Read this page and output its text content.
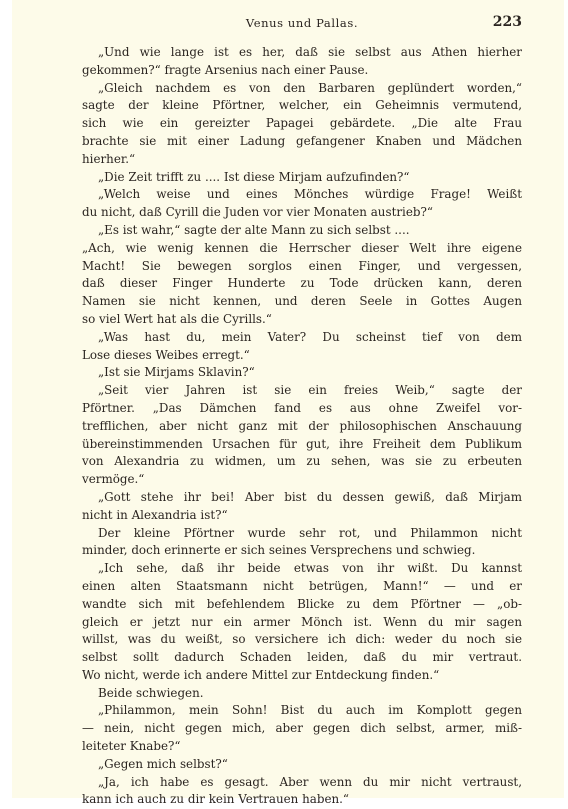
Venus und Pallas.	223
„Und wie lange ist es her, daß sie selbst aus Athen hierher
gekommen?“ fragte Arsenius nach einer Pause.
„Gleich nachdem es von den Barbaren geplündert worden,“
sagte der kleine Pförtner, welcher, ein Geheimnis vermutend,
sich wie ein gereizter Papagei gebärdete. „Die alte Frau
brachte sie mit einer Ladung gefangener Knaben und Mädchen
hierher.“
„Die Zeit trifft zu .... Ist diese Mirjam aufzufinden?“
„Welch weise und eines Mönches würdige Frage! Weißt
du nicht, daß Cyrill die Juden vor vier Monaten austrieb?“
„Es ist wahr,“ sagte der alte Mann zu sich selbst ....
„Ach, wie wenig kennen die Herrscher dieser Welt ihre eigene
Macht! Sie bewegen sorglos einen Finger, und vergessen,
daß dieser Finger Hunderte zu Tode drücken kann, deren
Namen sie nicht kennen, und deren Seele in Gottes Augen
so viel Wert hat als die Cyrills.“
„Was hast du, mein Vater? Du scheinst tief von dem
Lose dieses Weibes erregt.“
„Ist sie Mirjams Sklavin?“
„Seit vier Jahren ist sie ein freies Weib,“ sagte der
Pförtner. „Das Dämchen fand es aus ohne Zweifel vor-
trefflichen, aber nicht ganz mit der philosophischen Anschauung
übereinstimmenden Ursachen für gut, ihre Freiheit dem Publikum
von Alexandria zu widmen, um zu sehen, was sie zu erbeuten
vermöge.“
„Gott stehe ihr bei! Aber bist du dessen gewiß, daß Mirjam
nicht in Alexandria ist?“
Der kleine Pförtner wurde sehr rot, und Philammon nicht
minder, doch erinnerte er sich seines Versprechens und schwieg.
„Ich sehe, daß ihr beide etwas von ihr wißt. Du kannst
einen alten Staatsmann nicht betrügen, Mann!“ — und er
wandte sich mit befehlendem Blicke zu dem Pförtner — „ob-
gleich er jetzt nur ein armer Mönch ist. Wenn du mir sagen
willst, was du weißt, so versichere ich dich: weder du noch sie
selbst sollt dadurch Schaden leiden, daß du mir vertraut.
Wo nicht, werde ich andere Mittel zur Entdeckung finden.“
Beide schwiegen.
„Philammon, mein Sohn! Bist du auch im Komplott gegen
— nein, nicht gegen mich, aber gegen dich selbst, armer, miß-
leiteter Knabe?“
„Gegen mich selbst?“
„Ja, ich habe es gesagt. Aber wenn du mir nicht vertraust,
kann ich auch zu dir kein Vertrauen haben.“
